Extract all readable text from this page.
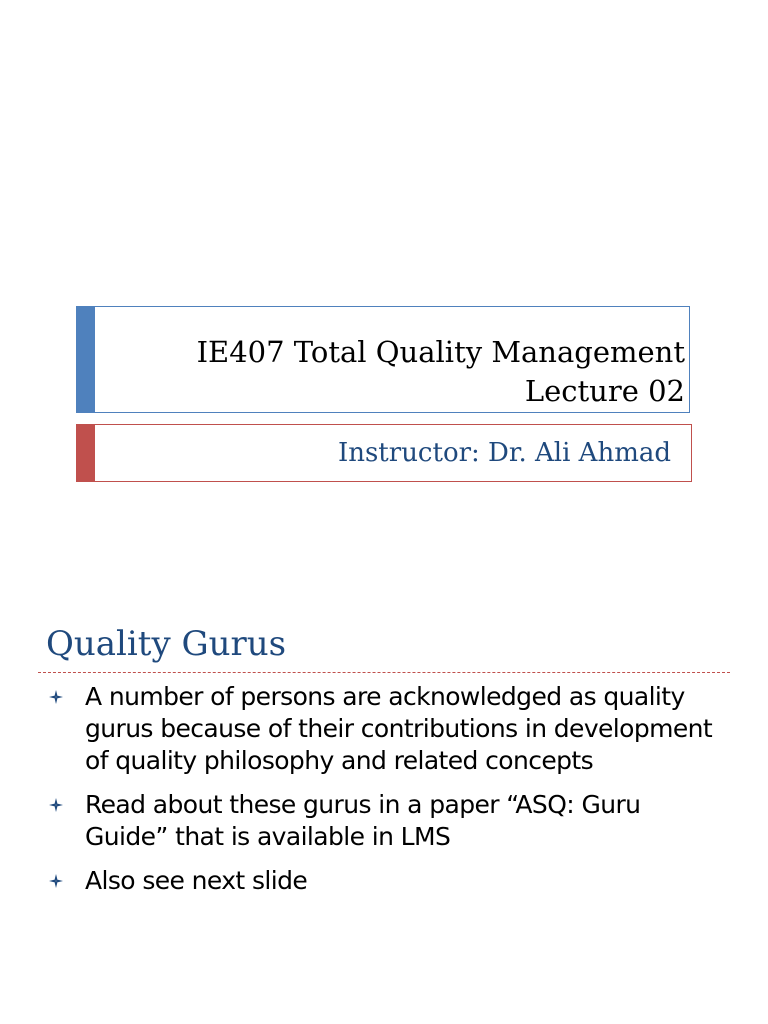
IE407 Total Quality Management
Lecture 02
Instructor: Dr. Ali Ahmad
Quality Gurus
A number of persons are acknowledged as quality
gurus because of their contributions in development
of quality philosophy and related concepts
Read about these gurus in a paper “ASQ: Guru
Guide” that is available in LMS
Also see next slide
